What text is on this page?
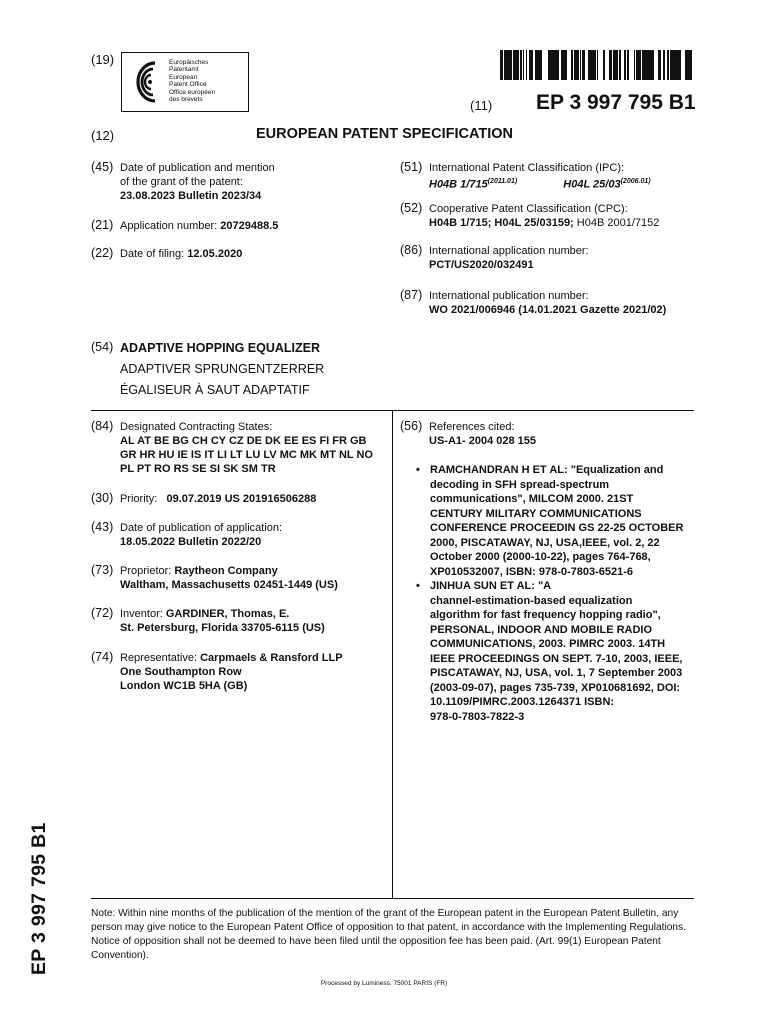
(19)	Europäisches
Patentamt
European
Patent Office
Office européen
des brevets	(11) EP 3 997 795 B1
(12)	EUROPEAN PATENT SPECIFICATION
(45) Date of publication and mention
of the grant of the patent:
23.08.2023 Bulletin 2023/34
(21) Application number: 20729488.5
(22) Date of filing: 12.05.2020
(51) International Patent Classification (IPC):
H04B $1/715^{(2011.01)}$	H04L $25/03^{(2006.01)}$
(52) Cooperative Patent Classification (CPC):
H04B 1/715; H04L 25/03159; H04B 2001/7152
(86) International application number:
PCT/US2020/032491
(87) International publication number:
WO 2021/006946 (14.01.2021 Gazette 2021/02)
(54) ADAPTIVE HOPPING EQUALIZER
ADAPTIVER SPRUNGENTZERRER
ÉGALISEUR À SAUT ADAPTATIF
(84) Designated Contracting States:
AL AT BE BG CH CY CZ DE DK EE ES FI FR GB
GR HR HU IE IS IT LI LT LU LV MC MK MT NL NO
PL PT RO RS SE SI SK SM TR
(30) Priority: 09.07.2019 US 201916506288
(43) Date of publication of application:
18.05.2022 Bulletin 2022/20
(73) Proprietor: Raytheon Company
Waltham, Massachusetts 02451-1449 (US)
(72) Inventor: GARDINER, Thomas, E.
St. Petersburg, Florida 33705-6115 (US)
(74) Representative: Carpmaels & Ransford LLP
One Southampton Row
London WC1B 5HA (GB)
(56) References cited:
US-A1- 2004 028 155
• RAMCHANDRAN H ET AL: "Equalization and
decoding in SFH spread-spectrum
communications", MILCOM 2000. 21ST
CENTURY MILITARY COMMUNICATIONS
CONFERENCE PROCEEDIN GS 22-25 OCTOBER
2000, PISCATAWAY, NJ, USA,IEEE, vol. 2, 22
October 2000 (2000-10-22), pages 764-768,
XP010532007, ISBN: 978-0-7803-6521-6
• JINHUA SUN ET AL: "A
channel-estimation-based equalization
algorithm for fast frequency hopping radio",
PERSONAL, INDOOR AND MOBILE RADIO
COMMUNICATIONS, 2003. PIMRC 2003. 14TH
IEEE PROCEEDINGS ON SEPT. 7-10, 2003, IEEE,
PISCATAWAY, NJ, USA, vol. 1, 7 September 2003
(2003-09-07), pages 735-739, XP010681692, DOI:
10.1109/PIMRC.2003.1264371 ISBN:
978-0-7803-7822-3
EP 3 997 795 B1	Note: Within nine months of the publication of the mention of the grant of the European patent in the European Patent Bulletin, any person may give notice to the European Patent Office of opposition to that patent, in accordance with the Implementing Regulations. Notice of opposition shall not be deemed to have been filed until the opposition fee has been paid. (Art. 99(1) European Patent Convention).
Processed by Luminess, 75001 PARIS (FR)
